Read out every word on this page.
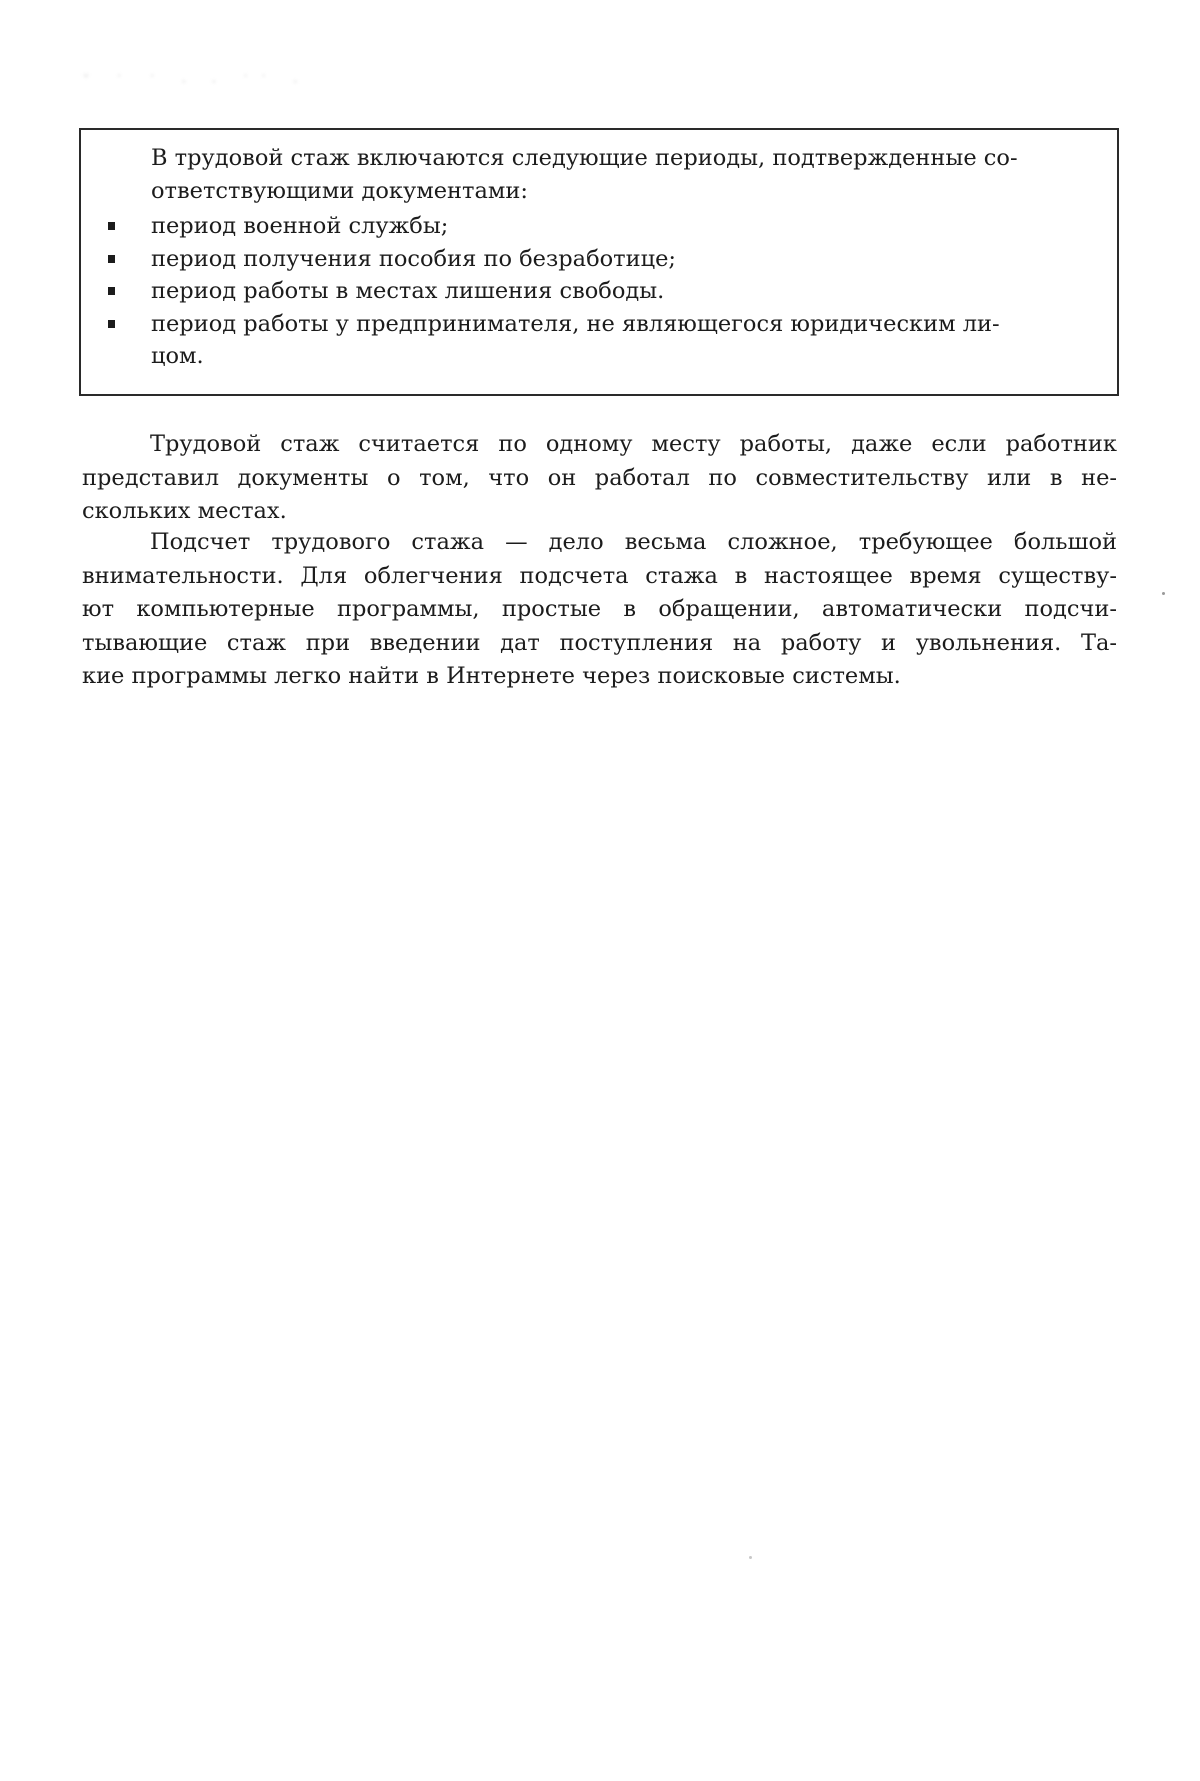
ˇ ˙ ˙ · · ˙˙ ·
В трудовой стаж включаются следующие периоды, подтвержденные со-
ответствующими документами:
период военной службы;
период получения пособия по безработице;
период работы в местах лишения свободы.
период работы у предпринимателя, не являющегося юридическим ли-
цом.
Трудовой стаж считается по одному месту работы, даже если работник
представил документы о том, что он работал по совместительству или в не-
скольких местах.
Подсчет трудового стажа — дело весьма сложное, требующее большой
внимательности. Для облегчения подсчета стажа в настоящее время существу-
ют компьютерные программы, простые в обращении, автоматически подсчи-
тывающие стаж при введении дат поступления на работу и увольнения. Та-
кие программы легко найти в Интернете через поисковые системы.
